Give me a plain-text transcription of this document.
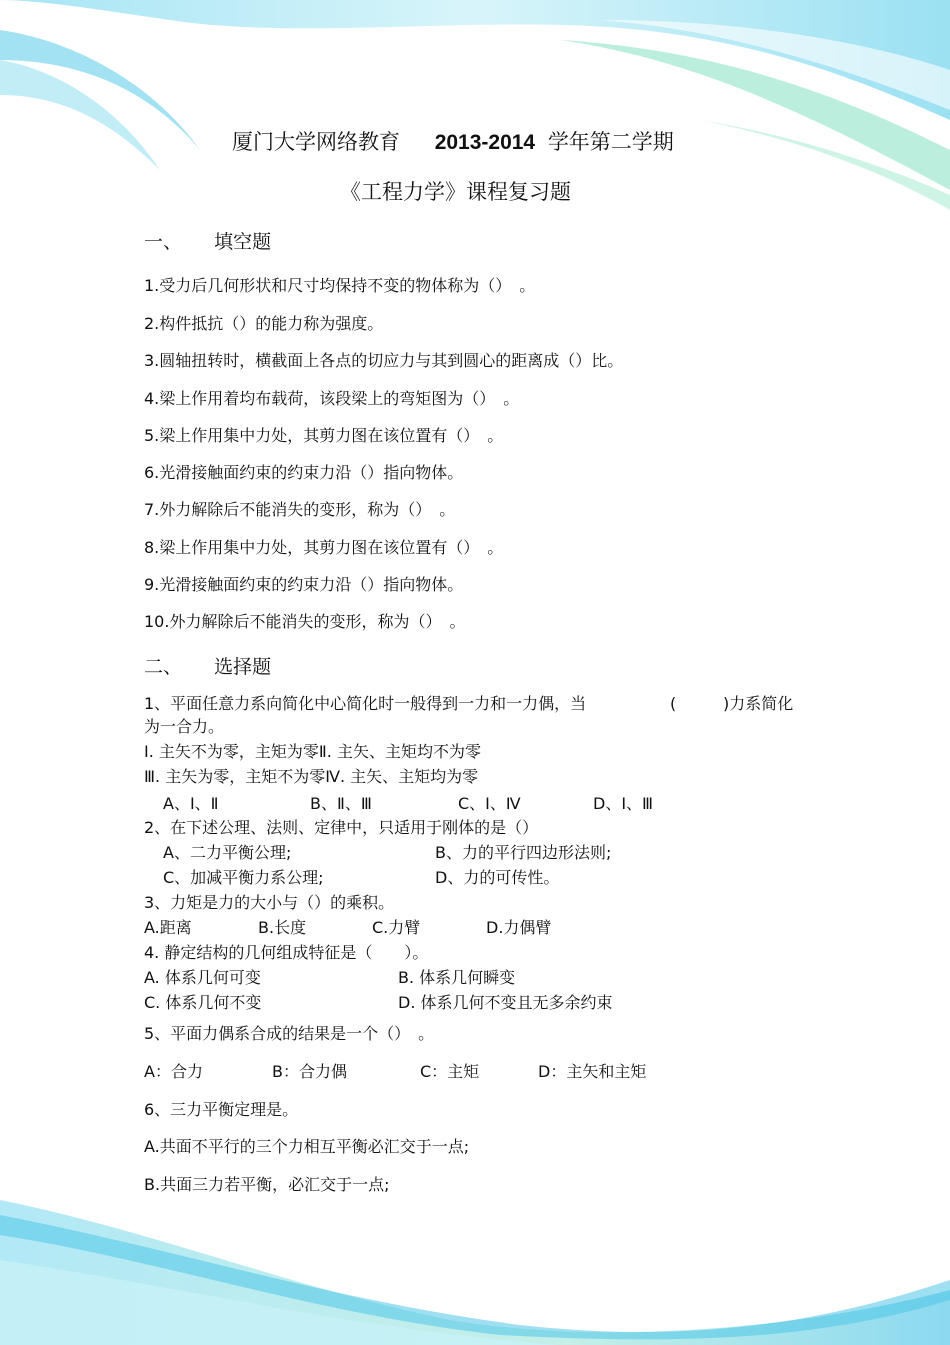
厦门大学网络教育 2013-2014 学年第二学期
《工程力学》课程复习题
一、 填空题
1.受力后几何形状和尺寸均保持不变的物体称为（）　。
2.构件抵抗（）的能力称为强度。
3.圆轴扭转时，横截面上各点的切应力与其到圆心的距离成（）比。
4.梁上作用着均布载荷，该段梁上的弯矩图为（）　。
5.梁上作用集中力处，其剪力图在该位置有（）　。
6.光滑接触面约束的约束力沿（）指向物体。
7.外力解除后不能消失的变形，称为（）　。
8.梁上作用集中力处，其剪力图在该位置有（）　。
9.光滑接触面约束的约束力沿（）指向物体。
10.外力解除后不能消失的变形，称为（）　。
二、 选择题
1、平面任意力系向简化中心简化时一般得到一力和一力偶，当	(	)力系简化
为一合力。
Ⅰ. 主矢不为零，主矩为零Ⅱ. 主矢、主矩均不为零
Ⅲ. 主矢为零，主矩不为零Ⅳ. 主矢、主矩均为零
A、Ⅰ、Ⅱ	B、Ⅱ、Ⅲ	C、Ⅰ、Ⅳ	D、Ⅰ、Ⅲ
2、在下述公理、法则、定律中，只适用于刚体的是（）
A、二力平衡公理;	B、力的平行四边形法则;
C、加减平衡力系公理;	D、力的可传性。
3、力矩是力的大小与（）的乘积。
A.距离	B.长度	C.力臂	D.力偶臂
4. 静定结构的几何组成特征是（　　）。
A. 体系几何可变	B. 体系几何瞬变
C. 体系几何不变	D. 体系几何不变且无多余约束
5、平面力偶系合成的结果是一个（）　。
A：合力	B：合力偶	C：主矩	D：主矢和主矩
6、三力平衡定理是。
A.共面不平行的三个力相互平衡必汇交于一点;
B.共面三力若平衡，必汇交于一点;
